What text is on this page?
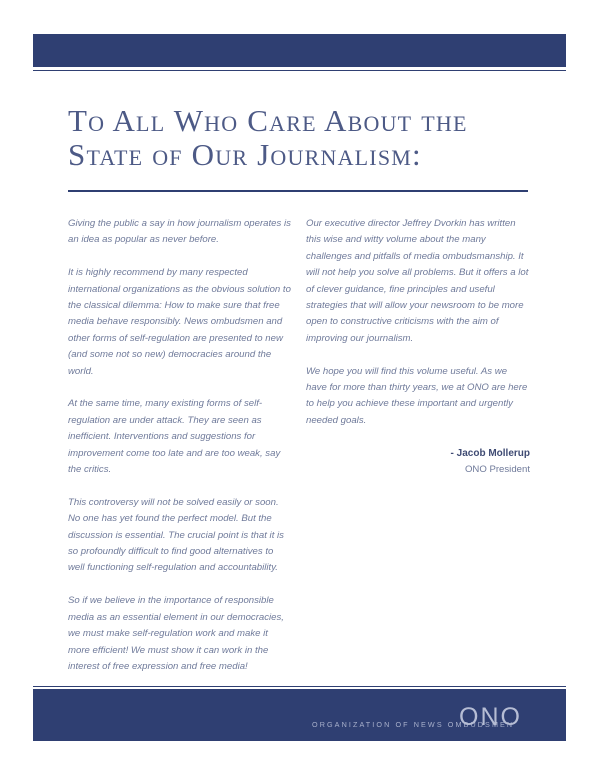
To All Who Care About the
State of Our Journalism:

Giving the public a say in how journalism operates is an idea as popular as never before.

It is highly recommend by many respected international organizations as the obvious solution to the classical dilemma: How to make sure that free media behave responsibly. News ombudsmen and other forms of self-regulation are presented to new (and some not so new) democracies around the world.

At the same time, many existing forms of self-regulation are under attack. They are seen as inefficient. Interventions and suggestions for improvement come too late and are too weak, say the critics.

This controversy will not be solved easily or soon. No one has yet found the perfect model. But the discussion is essential. The crucial point is that it is so profoundly difficult to find good alternatives to well functioning self-regulation and accountability.

So if we believe in the importance of responsible media as an essential element in our democracies, we must make self-regulation work and make it more efficient! We must show it can work in the interest of free expression and free media!

Our executive director Jeffrey Dvorkin has written this wise and witty volume about the many challenges and pitfalls of media ombudsmanship. It will not help you solve all problems. But it offers a lot of clever guidance, fine principles and useful strategies that will allow your newsroom to be more open to constructive criticisms with the aim of improving our journalism.

We hope you will find this volume useful. As we have for more than thirty years, we at ONO are here to help you achieve these important and urgently needed goals.

- Jacob Mollerup

ONO President

ORGANIZATION OF NEWS OMBUDSMEN
ONO
